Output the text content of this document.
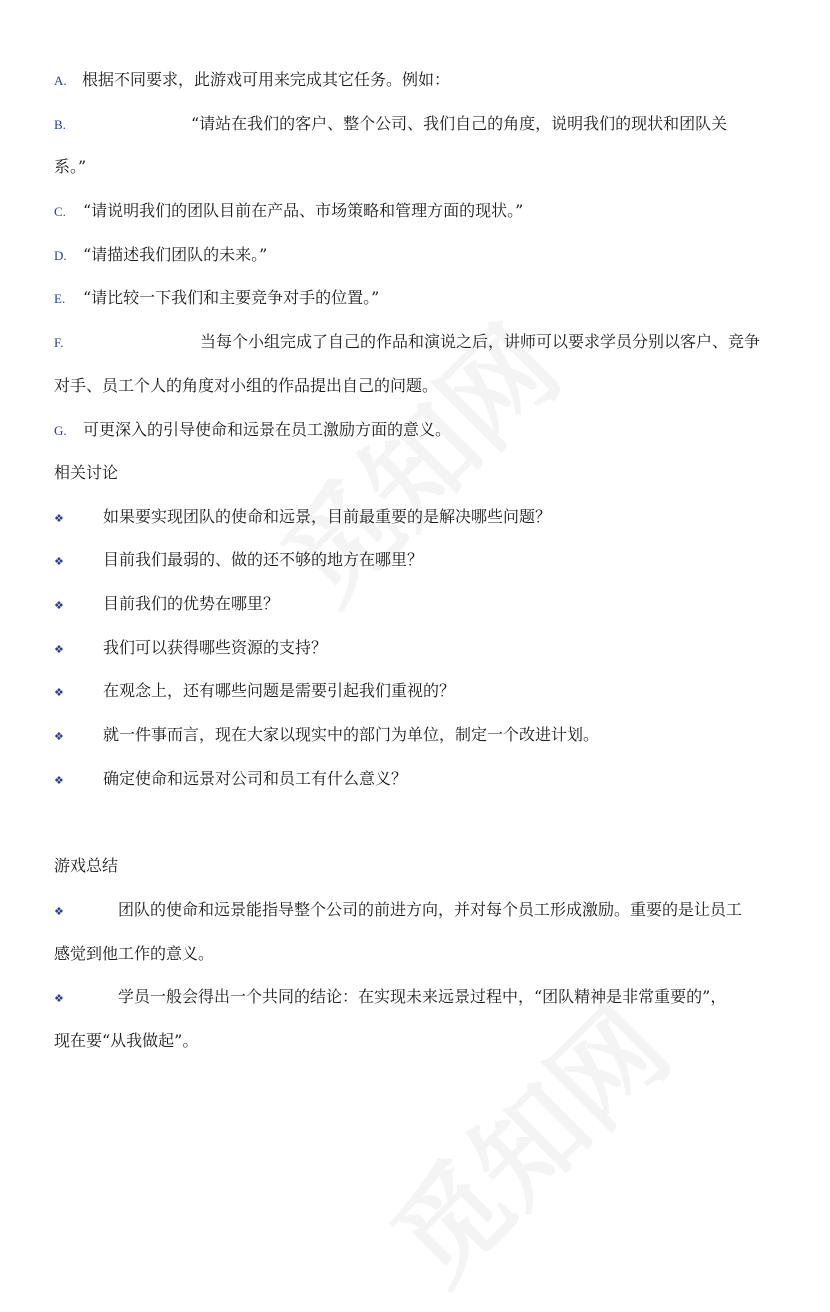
A. 根据不同要求，此游戏可用来完成其它任务。例如：
B.	“请站在我们的客户、整个公司、我们自己的角度，说明我们的现状和团队关
系。”
C. “请说明我们的团队目前在产品、市场策略和管理方面的现状。”
D. “请描述我们团队的未来。”
E. “请比较一下我们和主要竞争对手的位置。”
F.	当每个小组完成了自己的作品和演说之后，讲师可以要求学员分别以客户、竞争
对手、员工个人的角度对小组的作品提出自己的问题。
G. 可更深入的引导使命和远景在员工激励方面的意义。
相关讨论
❖ 如果要实现团队的使命和远景，目前最重要的是解决哪些问题？
❖ 目前我们最弱的、做的还不够的地方在哪里？
❖ 目前我们的优势在哪里？
❖ 我们可以获得哪些资源的支持？
❖ 在观念上，还有哪些问题是需要引起我们重视的？
❖ 就一件事而言，现在大家以现实中的部门为单位，制定一个改进计划。
❖ 确定使命和远景对公司和员工有什么意义？
游戏总结
❖	团队的使命和远景能指导整个公司的前进方向，并对每个员工形成激励。重要的是让员工
感觉到他工作的意义。
❖	学员一般会得出一个共同的结论：在实现未来远景过程中，“团队精神是非常重要的”，
现在要“从我做起”。
